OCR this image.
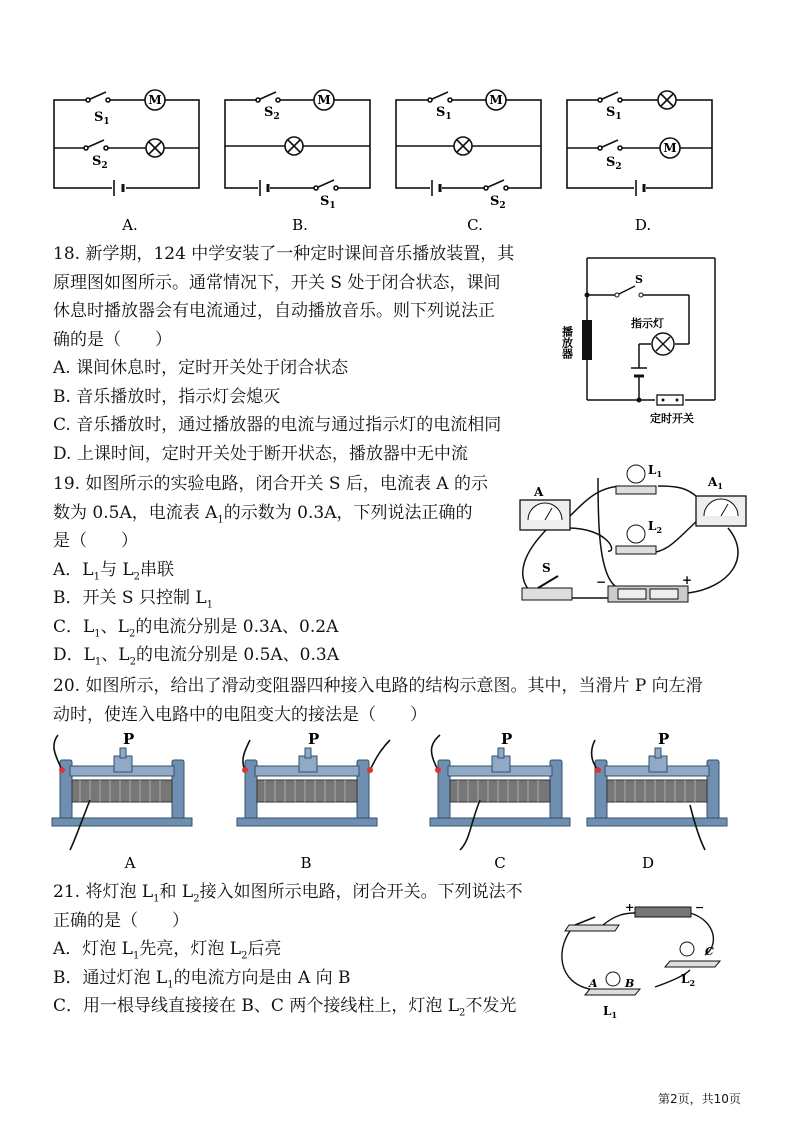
M	M	M
M
$S_1$
$S_2$
$S_2$
$S_1$
$S_1$
$S_2$
$S_1$
$S_2$
A.	B.	C.	D.
18. 新学期，124 中学安装了一种定时课间音乐播放装置，其
原理图如图所示。通常情况下，开关 S 处于闭合状态，课间
休息时播放器会有电流通过，自动播放音乐。则下列说法正
确的是（　　）
A. 课间休息时，定时开关处于闭合状态
B. 音乐播放时，指示灯会熄灭
C. 音乐播放时，通过播放器的电流与通过指示灯的电流相同
D. 上课时间，定时开关处于断开状态，播放器中无中流
S
指示灯
定时开关
播放器
19. 如图所示的实验电路，闭合开关 S 后，电流表 A 的示
数为 0.5A，电流表 $A_1$的示数为 0.3A，下列说法正确的
是（　　）
A．$L_1$与 $L_2$串联
B．开关 S 只控制 $L_1$
C．$L_1$、$L_2$的电流分别是 0.3A、0.2A
D．$L_1$、$L_2$的电流分别是 0.5A、0.3A
A
$A_1$
$L_1$
$L_2$
S
−	+
20. 如图所示，给出了滑动变阻器四种接入电路的结构示意图。其中，当滑片 P 向左滑
动时，使连入电路中的电阻变大的接法是（　　）
P	P	P	P
A	B	C	D
21. 将灯泡 $L_1$和 $L_2$接入如图所示电路，闭合开关。下列说法不
正确的是（　　）
A．灯泡 $L_1$先亮，灯泡 $L_2$后亮
B．通过灯泡 $L_1$的电流方向是由 A 向 B
C．用一根导线直接接在 B、C 两个接线柱上，灯泡 $L_2$不发光
+	−
A B
C
$L_1$
$L_2$
第2页，共10页
